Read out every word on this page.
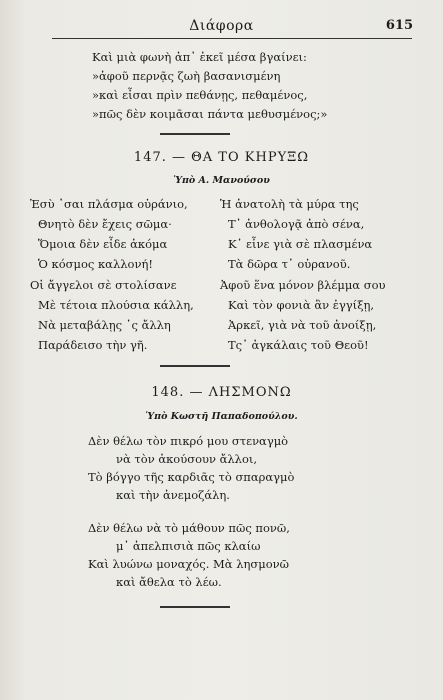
Διάφορα	615
Καὶ μιὰ φωνὴ ἀπ᾿ ἐκεῖ μέσα βγαίνει:
»ἀφοῦ περνᾷς ζωὴ βασανισμένη
»καὶ εἶσαι πρὶν πεθάνῃς, πεθαμένος,
»πῶς δὲν κοιμᾶσαι πάντα μεθυσμένος;»
147. — ΘΑ ΤΟ ΚΗΡΥΞΩ
Ὑπὸ Α. Μανούσου
Ἐσὺ ῾σαι πλάσμα οὐράνιο,
Θνητὸ δὲν ἔχεις σῶμα·
Ὅμοια δὲν εἶδε ἀκόμα
Ὁ κόσμος καλλονή!
Ἡ ἀνατολὴ τὰ μύρα της
Τ᾿ ἀνθολογᾷ ἀπὸ σένα,
Κ᾿ εἶνε γιὰ σὲ πλασμένα
Τὰ δῶρα τ᾿ οὐρανοῦ.
Οἱ ἄγγελοι σὲ στολίσανε
Μὲ τέτοια πλούσια κάλλη,
Νὰ μεταβάλῃς ῾ς ἄλλη
Παράδεισο τὴν γῆ.
Ἀφοῦ ἕνα μόνον βλέμμα σου
Καὶ τὸν φονιὰ ἂν ἐγγίξῃ,
Ἀρκεῖ, γιὰ νὰ τοῦ ἀνοίξῃ,
Τς᾿ ἀγκάλαις τοῦ Θεοῦ!
148. — ΛΗΣΜΟΝΩ
Ὑπὸ Κωστῆ Παπαδοπούλου.
Δὲν θέλω τὸν πικρό μου στεναγμὸ
νὰ τὸν ἀκούσουν ἄλλοι,
Τὸ βόγγο τῆς καρδιᾶς τὸ σπαραγμὸ
καὶ τὴν ἀνεμοζάλη.
Δὲν θέλω νὰ τὸ μάθουν πῶς πονῶ,
μ᾿ ἀπελπισιὰ πῶς κλαίω
Καὶ λυώνω μοναχός. Μὰ λησμονῶ
καὶ ἄθελα τὸ λέω.
